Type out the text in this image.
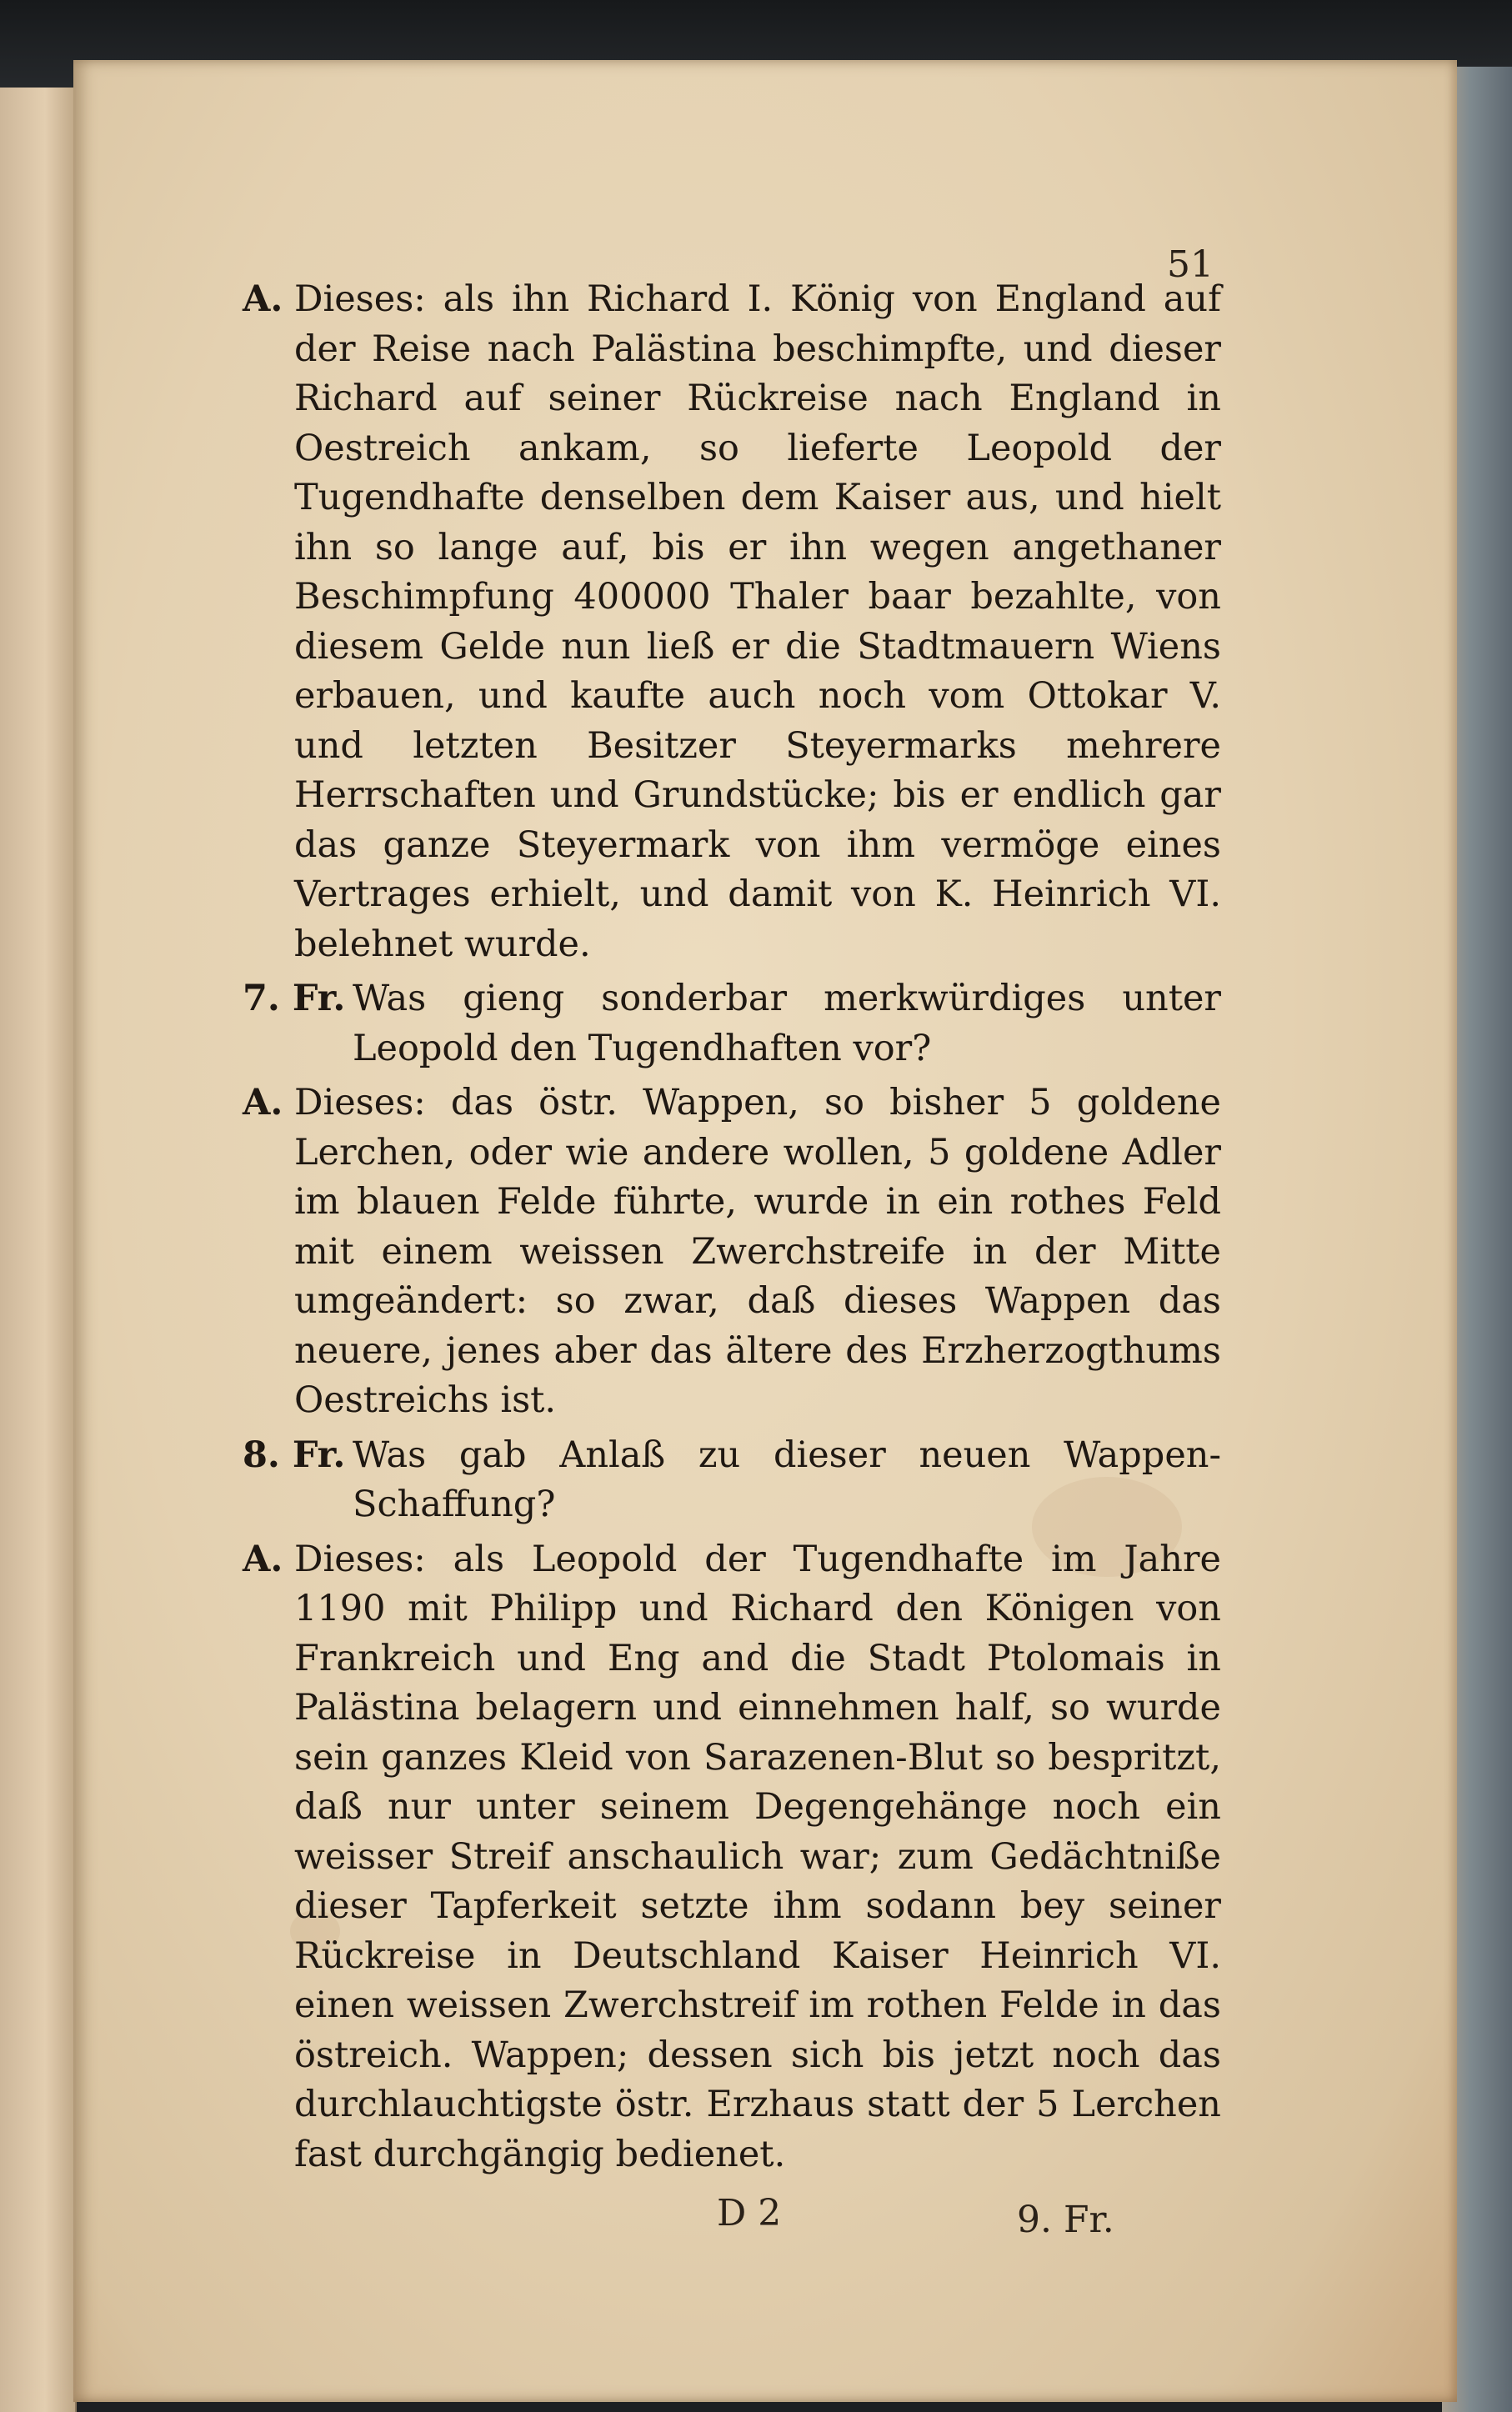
51

A. Dieses: als ihn Richard I. König von England auf der Reise nach Palästina beschimpfte, und dieser Richard auf seiner Rückreise nach England in Oestreich ankam, so lieferte Leopold der Tugendhafte denselben dem Kaiser aus, und hielt ihn so lange auf, bis er ihn wegen angethaner Beschimpfung 400000 Thaler baar bezahlte, von diesem Gelde nun ließ er die Stadtmauern Wiens erbauen, und kaufte auch noch vom Ottokar V. und letzten Besitzer Steyermarks mehrere Herrschaften und Grundstücke; bis er endlich gar das ganze Steyermark von ihm vermöge eines Vertrages erhielt, und damit von K. Heinrich VI. belehnet wurde.

7. Fr. Was gieng sonderbar merkwürdiges unter Leopold den Tugendhaften vor?

A. Dieses: das östr. Wappen, so bisher 5 goldene Lerchen, oder wie andere wollen, 5 goldene Adler im blauen Felde führte, wurde in ein rothes Feld mit einem weissen Zwerchstreife in der Mitte umgeändert: so zwar, daß dieses Wappen das neuere, jenes aber das ältere des Erzherzogthums Oestreichs ist.

8. Fr. Was gab Anlaß zu dieser neuen Wappen-Schaffung?

A. Dieses: als Leopold der Tugendhafte im Jahre 1190 mit Philipp und Richard den Königen von Frankreich und Eng and die Stadt Ptolomais in Palästina belagern und einnehmen half, so wurde sein ganzes Kleid von Sarazenen-Blut so bespritzt, daß nur unter seinem Degengehänge noch ein weisser Streif anschaulich war; zum Gedächtniße dieser Tapferkeit setzte ihm sodann bey seiner Rückreise in Deutschland Kaiser Heinrich VI. einen weissen Zwerchstreif im rothen Felde in das östreich. Wappen; dessen sich bis jetzt noch das durchlauchtigste östr. Erzhaus statt der 5 Lerchen fast durchgängig bedienet.

D 2	9. Fr.
